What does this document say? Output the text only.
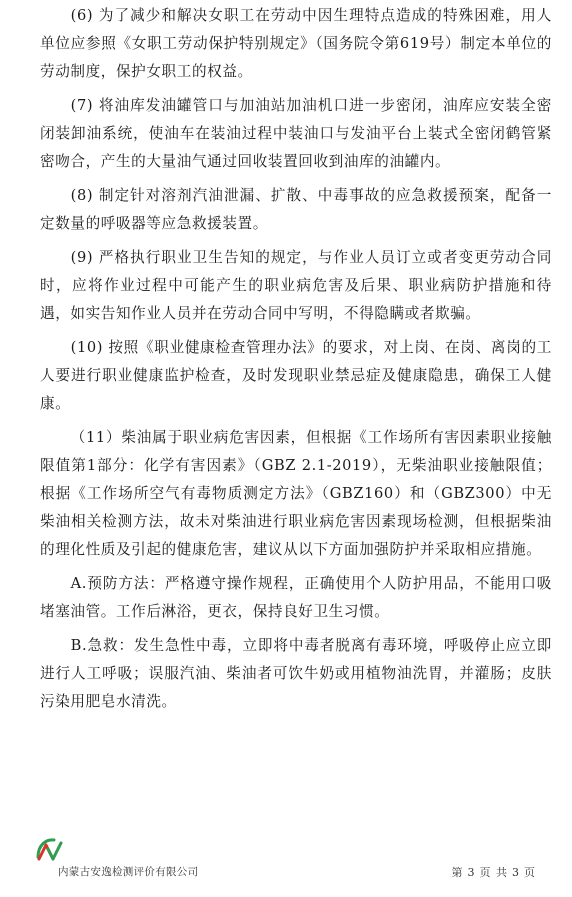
(6) 为了减少和解决女职工在劳动中因生理特点造成的特殊困难，用人单位应参照《女职工劳动保护特别规定》（国务院令第619号）制定本单位的劳动制度，保护女职工的权益。

(7) 将油库发油罐管口与加油站加油机口进一步密闭，油库应安装全密闭装卸油系统，使油车在装油过程中装油口与发油平台上装式全密闭鹤管紧密吻合，产生的大量油气通过回收装置回收到油库的油罐内。

(8) 制定针对溶剂汽油泄漏、扩散、中毒事故的应急救援预案，配备一定数量的呼吸器等应急救援装置。

(9) 严格执行职业卫生告知的规定，与作业人员订立或者变更劳动合同时，应将作业过程中可能产生的职业病危害及后果、职业病防护措施和待遇，如实告知作业人员并在劳动合同中写明，不得隐瞒或者欺骗。

(10) 按照《职业健康检查管理办法》的要求，对上岗、在岗、离岗的工人要进行职业健康监护检查，及时发现职业禁忌症及健康隐患，确保工人健康。

（11）柴油属于职业病危害因素，但根据《工作场所有害因素职业接触限值第1部分：化学有害因素》（GBZ 2.1-2019），无柴油职业接触限值；根据《工作场所空气有毒物质测定方法》（GBZ160）和（GBZ300）中无柴油相关检测方法，故未对柴油进行职业病危害因素现场检测，但根据柴油的理化性质及引起的健康危害，建议从以下方面加强防护并采取相应措施。

A.预防方法：严格遵守操作规程，正确使用个人防护用品，不能用口吸堵塞油管。工作后淋浴，更衣，保持良好卫生习惯。

B.急救：发生急性中毒，立即将中毒者脱离有毒环境，呼吸停止应立即进行人工呼吸；误服汽油、柴油者可饮牛奶或用植物油洗胃，并灌肠；皮肤污染用肥皂水清洗。

内蒙古安逸检测评价有限公司	第 3 页 共 3 页
